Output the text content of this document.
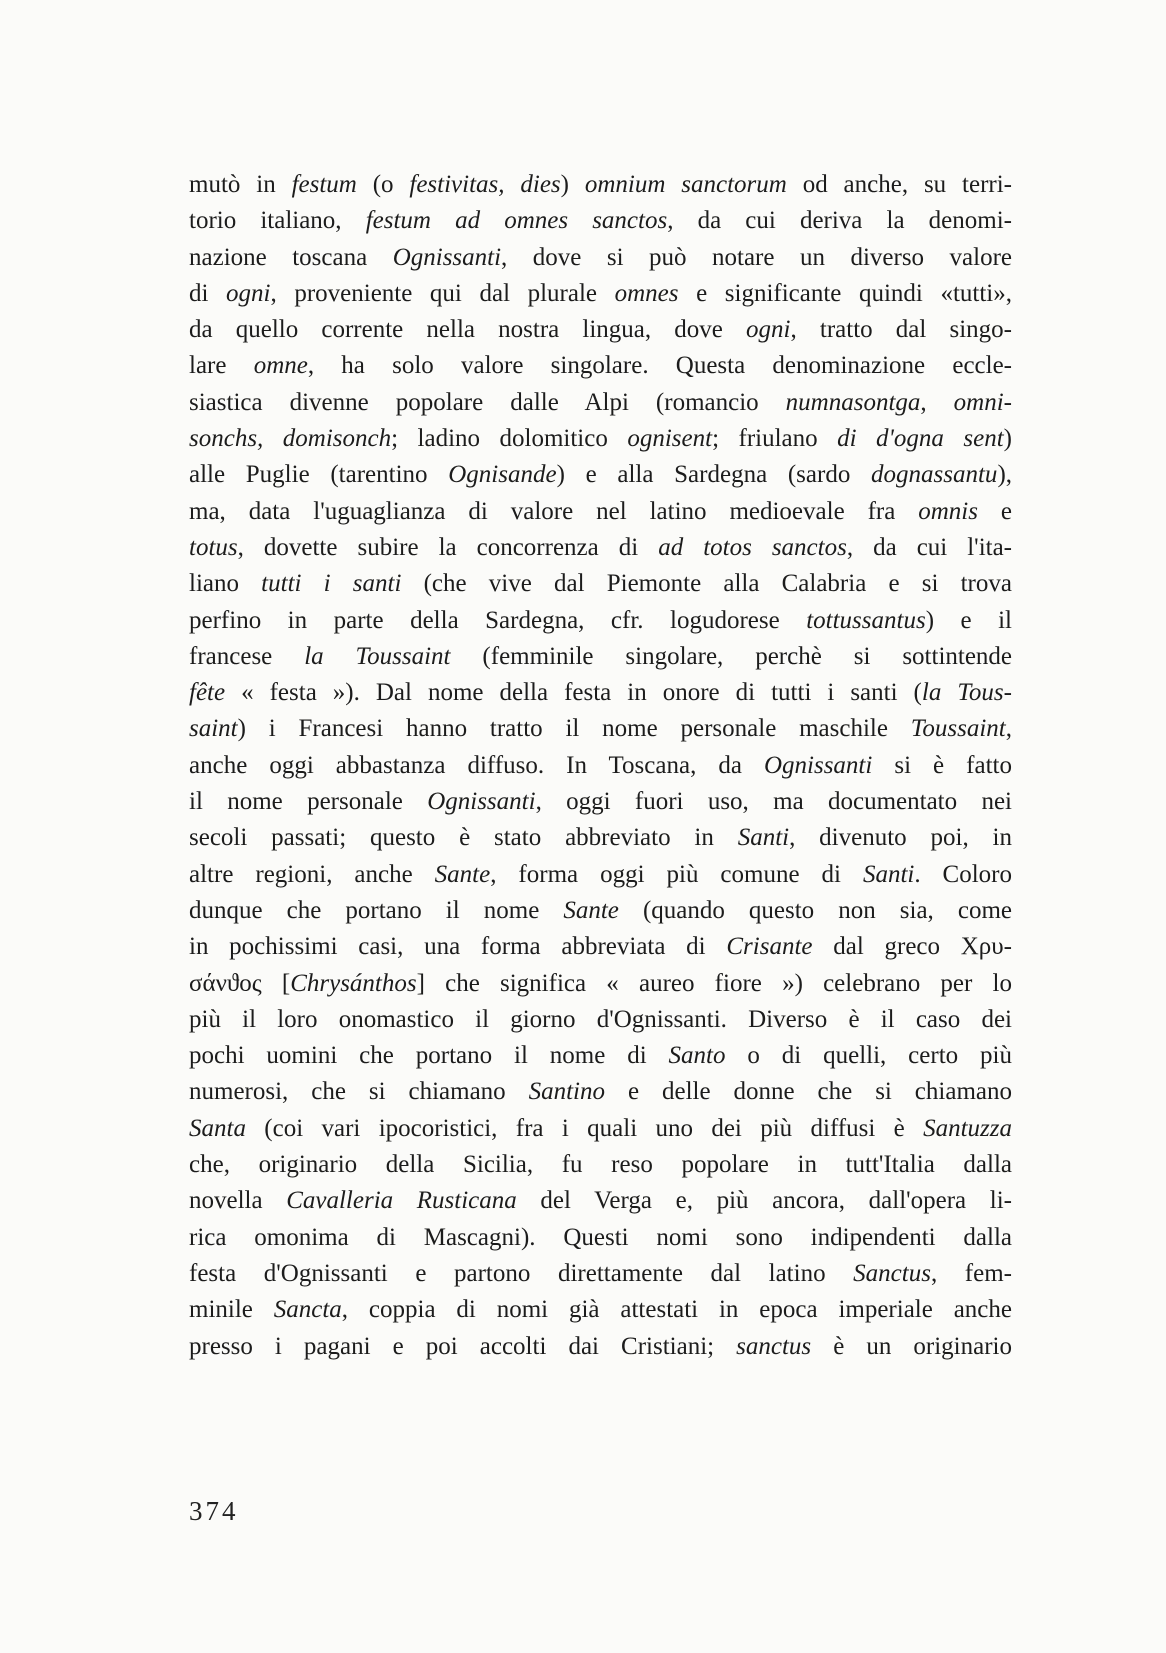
mutò in festum (o festivitas, dies) omnium sanctorum od anche, su terri-
torio italiano, festum ad omnes sanctos, da cui deriva la denomi-
nazione toscana Ognissanti, dove si può notare un diverso valore
di ogni, proveniente qui dal plurale omnes e significante quindi «tutti»,
da quello corrente nella nostra lingua, dove ogni, tratto dal singo-
lare omne, ha solo valore singolare. Questa denominazione eccle-
siastica divenne popolare dalle Alpi (romancio numnasontga, omni-
sonchs, domisonch; ladino dolomitico ognisent; friulano di d'ogna sent)
alle Puglie (tarentino Ognisande) e alla Sardegna (sardo dognassantu),
ma, data l'uguaglianza di valore nel latino medioevale fra omnis e
totus, dovette subire la concorrenza di ad totos sanctos, da cui l'ita-
liano tutti i santi (che vive dal Piemonte alla Calabria e si trova
perfino in parte della Sardegna, cfr. logudorese tottussantus) e il
francese la Toussaint (femminile singolare, perchè si sottintende
fête « festa »). Dal nome della festa in onore di tutti i santi (la Tous-
saint) i Francesi hanno tratto il nome personale maschile Toussaint,
anche oggi abbastanza diffuso. In Toscana, da Ognissanti si è fatto
il nome personale Ognissanti, oggi fuori uso, ma documentato nei
secoli passati; questo è stato abbreviato in Santi, divenuto poi, in
altre regioni, anche Sante, forma oggi più comune di Santi. Coloro
dunque che portano il nome Sante (quando questo non sia, come
in pochissimi casi, una forma abbreviata di Crisante dal greco Χρυ-
σάνϑος [Chrysánthos] che significa « aureo fiore ») celebrano per lo
più il loro onomastico il giorno d'Ognissanti. Diverso è il caso dei
pochi uomini che portano il nome di Santo o di quelli, certo più
numerosi, che si chiamano Santino e delle donne che si chiamano
Santa (coi vari ipocoristici, fra i quali uno dei più diffusi è Santuzza
che, originario della Sicilia, fu reso popolare in tutt'Italia dalla
novella Cavalleria Rusticana del Verga e, più ancora, dall'opera li-
rica omonima di Mascagni). Questi nomi sono indipendenti dalla
festa d'Ognissanti e partono direttamente dal latino Sanctus, fem-
minile Sancta, coppia di nomi già attestati in epoca imperiale anche
presso i pagani e poi accolti dai Cristiani; sanctus è un originario
374
